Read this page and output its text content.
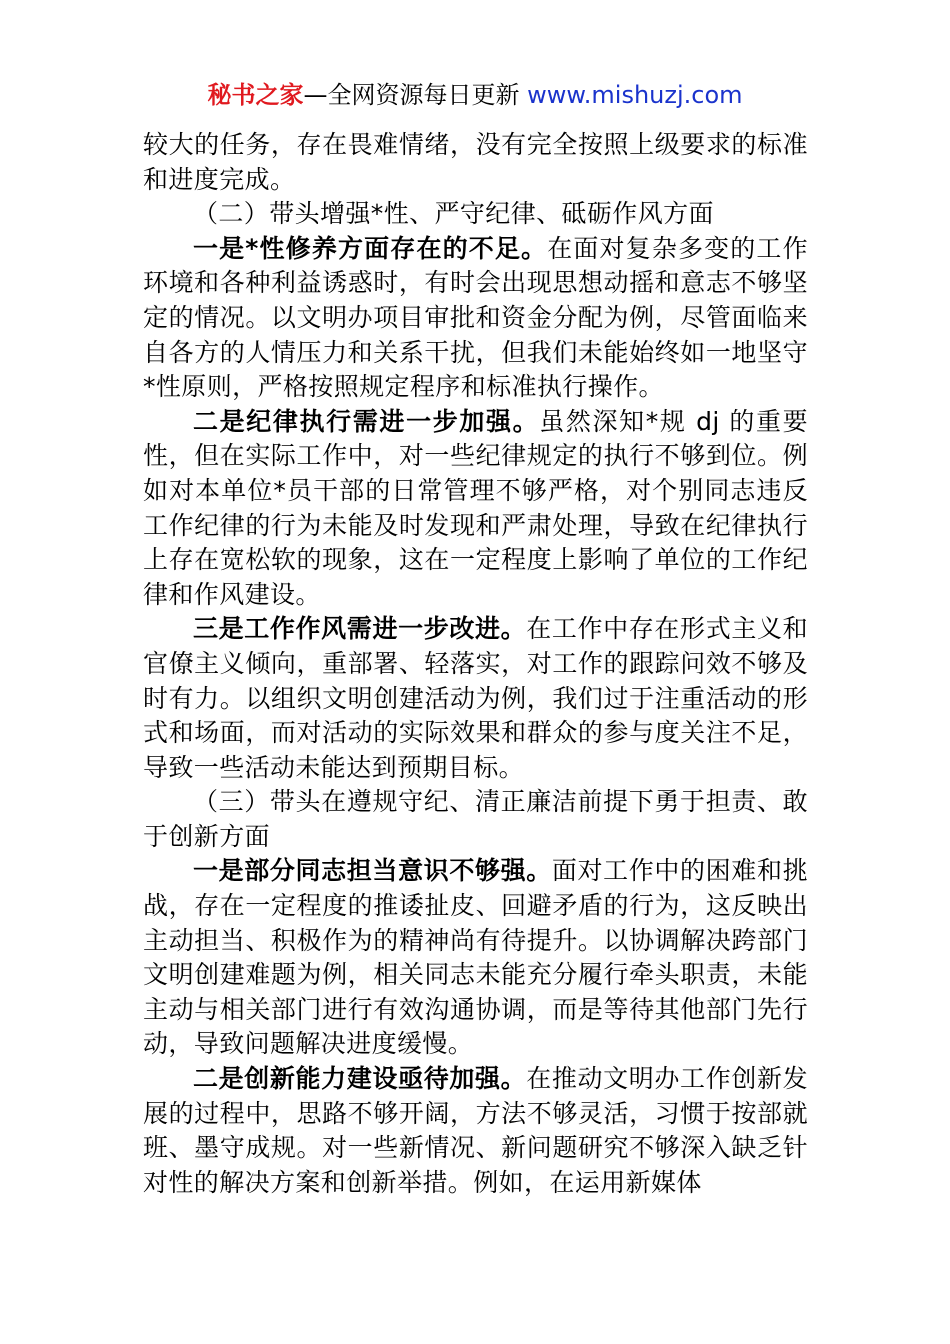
秘书之家—全网资源每日更新 www.mishuzj.com

较大的任务，存在畏难情绪，没有完全按照上级要求的标准和进度完成。

（二）带头增强*性、严守纪律、砥砺作风方面

一是*性修养方面存在的不足。在面对复杂多变的工作环境和各种利益诱惑时，有时会出现思想动摇和意志不够坚定的情况。以文明办项目审批和资金分配为例，尽管面临来自各方的人情压力和关系干扰，但我们未能始终如一地坚守*性原则，严格按照规定程序和标准执行操作。

二是纪律执行需进一步加强。虽然深知*规 dj 的重要性，但在实际工作中，对一些纪律规定的执行不够到位。例如对本单位*员干部的日常管理不够严格，对个别同志违反工作纪律的行为未能及时发现和严肃处理，导致在纪律执行上存在宽松软的现象，这在一定程度上影响了单位的工作纪律和作风建设。

三是工作作风需进一步改进。在工作中存在形式主义和官僚主义倾向，重部署、轻落实，对工作的跟踪问效不够及时有力。以组织文明创建活动为例，我们过于注重活动的形式和场面，而对活动的实际效果和群众的参与度关注不足，导致一些活动未能达到预期目标。

（三）带头在遵规守纪、清正廉洁前提下勇于担责、敢于创新方面

一是部分同志担当意识不够强。面对工作中的困难和挑战，存在一定程度的推诿扯皮、回避矛盾的行为，这反映出主动担当、积极作为的精神尚有待提升。以协调解决跨部门文明创建难题为例，相关同志未能充分履行牵头职责，未能主动与相关部门进行有效沟通协调，而是等待其他部门先行动，导致问题解决进度缓慢。

二是创新能力建设亟待加强。在推动文明办工作创新发展的过程中，思路不够开阔，方法不够灵活，习惯于按部就班、墨守成规。对一些新情况、新问题研究不够深入缺乏针对性的解决方案和创新举措。例如，在运用新媒体
